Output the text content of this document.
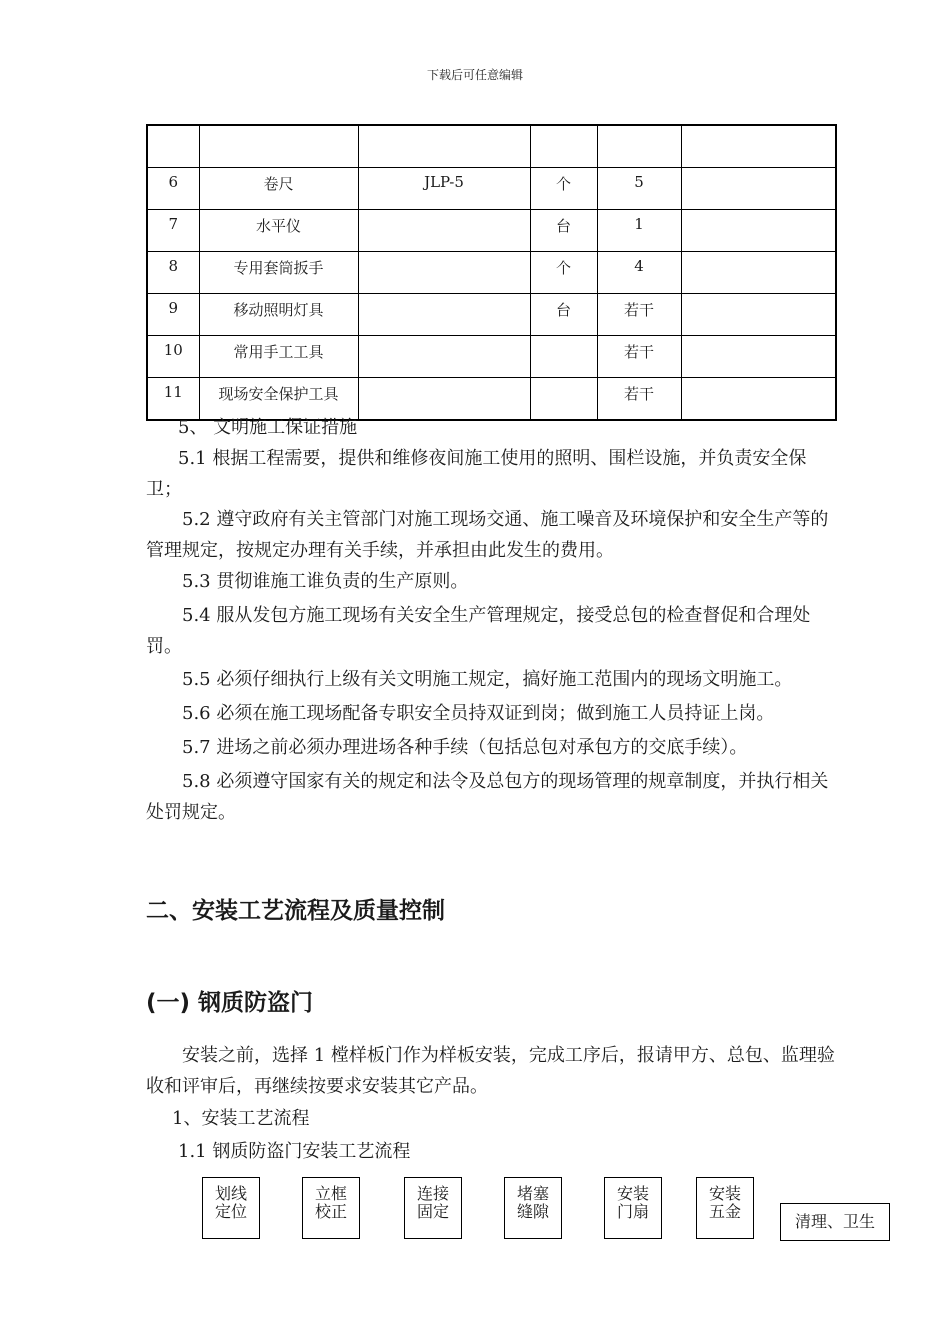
下载后可任意编辑

6	卷尺	JLP-5	个	5	
7	水平仪		台	1	
8	专用套筒扳手		个	4	
9	移动照明灯具		台	若干	
10	常用手工工具			若干	
11	现场安全保护工具			若干	

5、 文明施工保证措施

5.1 根据工程需要，提供和维修夜间施工使用的照明、围栏设施，并负责安全保卫；

5.2 遵守政府有关主管部门对施工现场交通、施工噪音及环境保护和安全生产等的管理规定，按规定办理有关手续，并承担由此发生的费用。

5.3 贯彻谁施工谁负责的生产原则。

5.4 服从发包方施工现场有关安全生产管理规定，接受总包的检查督促和合理处罚。

5.5 必须仔细执行上级有关文明施工规定，搞好施工范围内的现场文明施工。

5.6 必须在施工现场配备专职安全员持双证到岗；做到施工人员持证上岗。

5.7 进场之前必须办理进场各种手续（包括总包对承包方的交底手续）。

5.8 必须遵守国家有关的规定和法令及总包方的现场管理的规章制度，并执行相关处罚规定。

二、安装工艺流程及质量控制
(一) 钢质防盗门

安装之前，选择 1 樘样板门作为样板安装，完成工序后，报请甲方、总包、监理验收和评审后，再继续按要求安装其它产品。

1、安装工艺流程

1.1 钢质防盗门安装工艺流程

划线
定位
立框
校正
连接
固定
堵塞
缝隙
安装
门扇
安装
五金
清理、卫生
